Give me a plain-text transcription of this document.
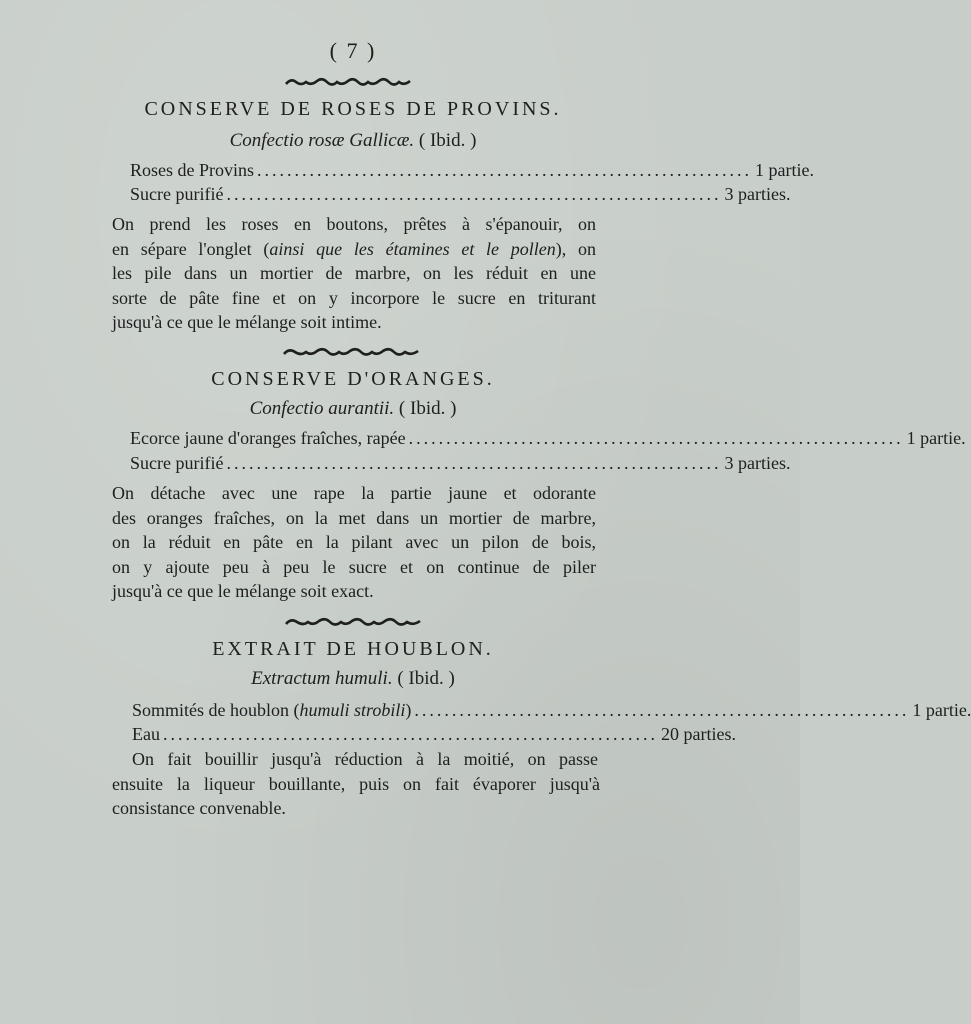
( 7 )
CONSERVE DE ROSES DE PROVINS.
Confectio rosæ Gallicæ. ( Ibid. )
Roses de Provins .................................................................. 1 partie.
Sucre purifié .................................................................. 3 parties.
On prend les roses en boutons, prêtes à s'épanouir, on
en sépare l'onglet (ainsi que les étamines et le pollen), on
les pile dans un mortier de marbre, on les réduit en une
sorte de pâte fine et on y incorpore le sucre en triturant
jusqu'à ce que le mélange soit intime.
CONSERVE D'ORANGES.
Confectio aurantii. ( Ibid. )
Ecorce jaune d'oranges fraîches, rapée .................................................................. 1 partie.
Sucre purifié .................................................................. 3 parties.
On détache avec une rape la partie jaune et odorante
des oranges fraîches, on la met dans un mortier de marbre,
on la réduit en pâte en la pilant avec un pilon de bois,
on y ajoute peu à peu le sucre et on continue de piler
jusqu'à ce que le mélange soit exact.
EXTRAIT DE HOUBLON.
Extractum humuli. ( Ibid. )
Sommités de houblon (humuli strobili) .................................................................. 1 partie.
Eau .................................................................. 20 parties.
On fait bouillir jusqu'à réduction à la moitié, on passe
ensuite la liqueur bouillante, puis on fait évaporer jusqu'à
consistance convenable.
